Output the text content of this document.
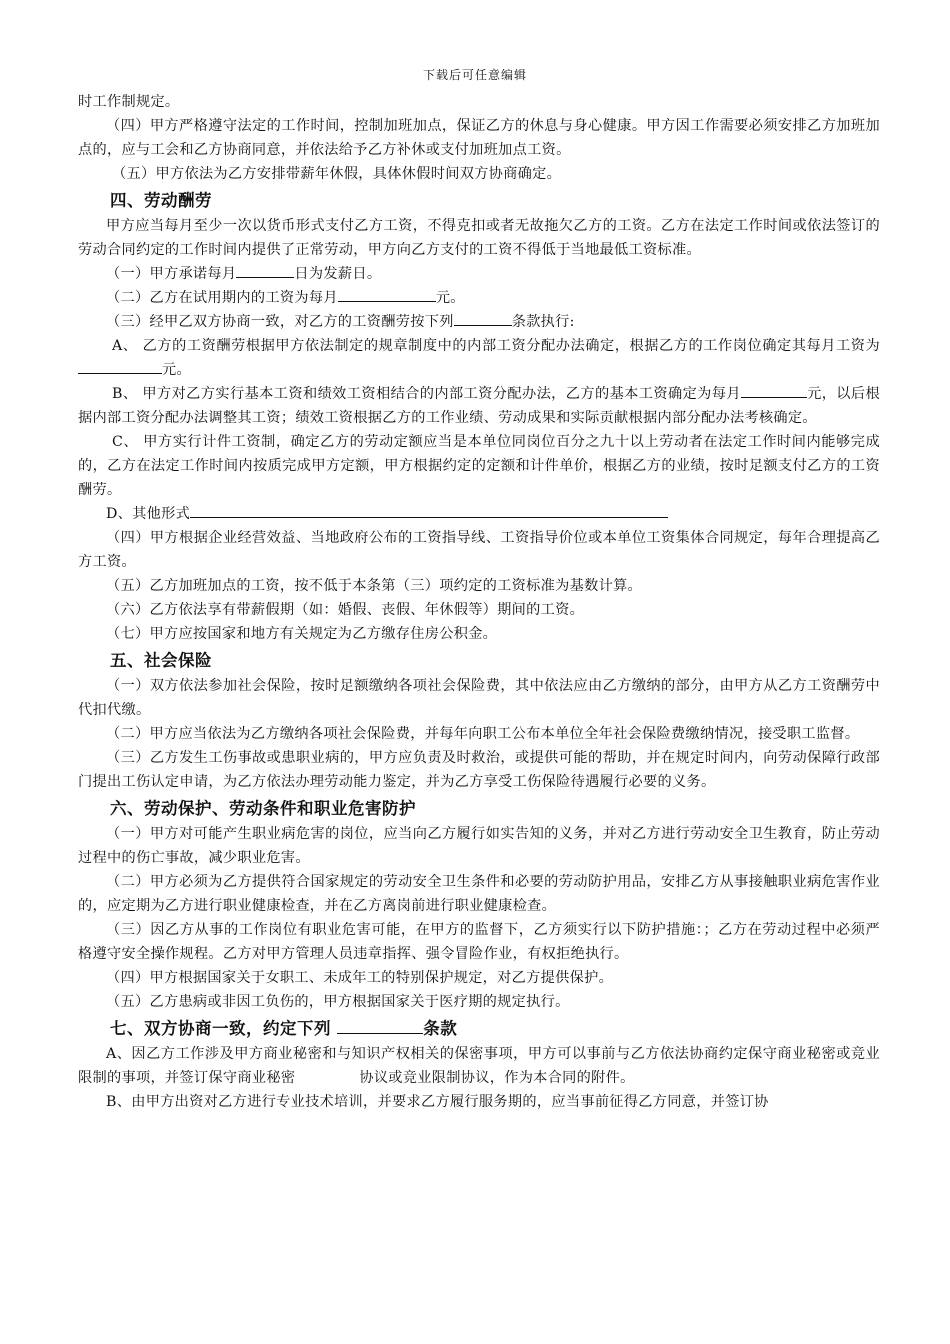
下载后可任意编辑

时工作制规定。

（四）甲方严格遵守法定的工作时间，控制加班加点，保证乙方的休息与身心健康。甲方因工作需要必须安排乙方加班加点的，应与工会和乙方协商同意，并依法给予乙方补休或支付加班加点工资。

（五）甲方依法为乙方安排带薪年休假，具体休假时间双方协商确定。

四、劳动酬劳

甲方应当每月至少一次以货币形式支付乙方工资，不得克扣或者无故拖欠乙方的工资。乙方在法定工作时间或依法签订的劳动合同约定的工作时间内提供了正常劳动，甲方向乙方支付的工资不得低于当地最低工资标准。

（一）甲方承诺每月	日为发薪日。

（二）乙方在试用期内的工资为每月	元。

（三）经甲乙双方协商一致，对乙方的工资酬劳按下列	条款执行:

A、 乙方的工资酬劳根据甲方依法制定的规章制度中的内部工资分配办法确定，根据乙方的工作岗位确定其每月工资为元。

B、 甲方对乙方实行基本工资和绩效工资相结合的内部工资分配办法，乙方的基本工资确定为每月	元，以后根据内部工资分配办法调整其工资；绩效工资根据乙方的工作业绩、劳动成果和实际贡献根据内部分配办法考核确定。

C、 甲方实行计件工资制，确定乙方的劳动定额应当是本单位同岗位百分之九十以上劳动者在法定工作时间内能够完成的，乙方在法定工作时间内按质完成甲方定额，甲方根据约定的定额和计件单价，根据乙方的业绩，按时足额支付乙方的工资酬劳。

D、其他形式

（四）甲方根据企业经营效益、当地政府公布的工资指导线、工资指导价位或本单位工资集体合同规定，每年合理提高乙方工资。

（五）乙方加班加点的工资，按不低于本条第（三）项约定的工资标准为基数计算。

（六）乙方依法享有带薪假期（如：婚假、丧假、年休假等）期间的工资。

（七）甲方应按国家和地方有关规定为乙方缴存住房公积金。

五、社会保险

（一）双方依法参加社会保险，按时足额缴纳各项社会保险费，其中依法应由乙方缴纳的部分，由甲方从乙方工资酬劳中代扣代缴。

（二）甲方应当依法为乙方缴纳各项社会保险费，并每年向职工公布本单位全年社会保险费缴纳情况，接受职工监督。

（三）乙方发生工伤事故或患职业病的，甲方应负责及时救治，或提供可能的帮助，并在规定时间内，向劳动保障行政部门提出工伤认定申请，为乙方依法办理劳动能力鉴定，并为乙方享受工伤保险待遇履行必要的义务。

六、劳动保护、劳动条件和职业危害防护

（一）甲方对可能产生职业病危害的岗位，应当向乙方履行如实告知的义务，并对乙方进行劳动安全卫生教育，防止劳动过程中的伤亡事故，减少职业危害。

（二）甲方必须为乙方提供符合国家规定的劳动安全卫生条件和必要的劳动防护用品，安排乙方从事接触职业病危害作业的，应定期为乙方进行职业健康检查，并在乙方离岗前进行职业健康检查。

（三）因乙方从事的工作岗位有职业危害可能，在甲方的监督下，乙方须实行以下防护措施：；乙方在劳动过程中必须严格遵守安全操作规程。乙方对甲方管理人员违章指挥、强令冒险作业，有权拒绝执行。

（四）甲方根据国家关于女职工、未成年工的特别保护规定，对乙方提供保护。

（五）乙方患病或非因工负伤的，甲方根据国家关于医疗期的规定执行。

七、双方协商一致，约定下列	条款

A、因乙方工作涉及甲方商业秘密和与知识产权相关的保密事项，甲方可以事前与乙方依法协商约定保守商业秘密或竞业限制的事项，并签订保守商业秘密	协议或竞业限制协议，作为本合同的附件。

B、由甲方出资对乙方进行专业技术培训，并要求乙方履行服务期的，应当事前征得乙方同意，并签订协
